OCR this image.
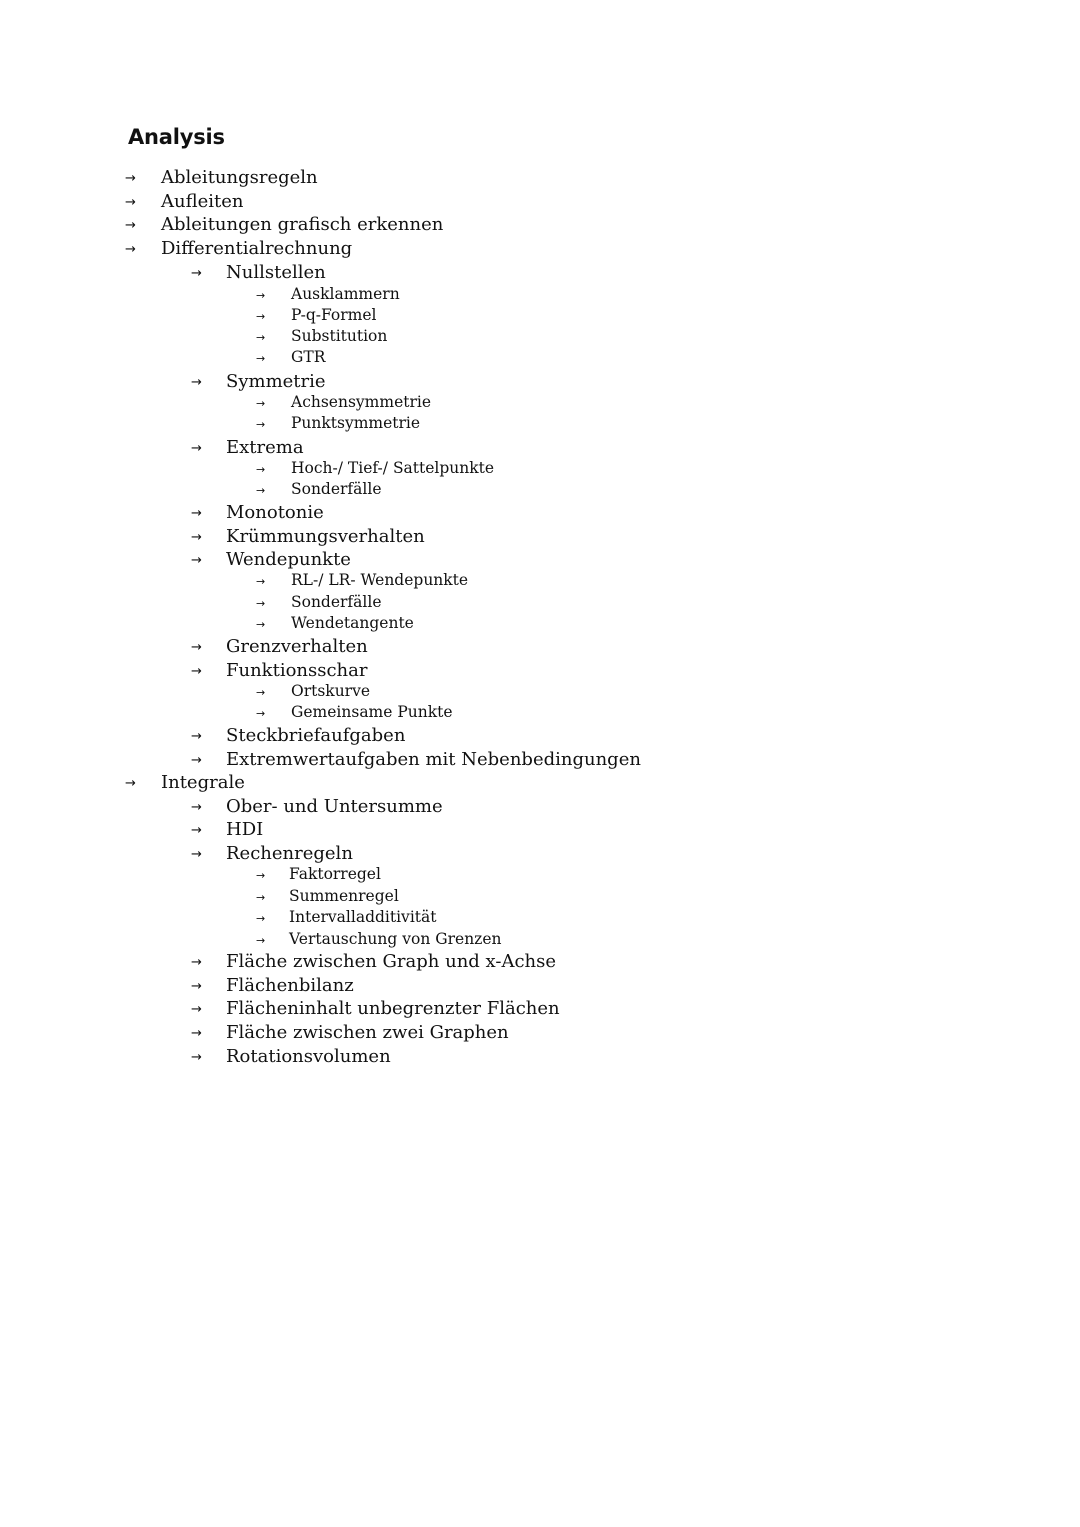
Analysis
→ Ableitungsregeln
→ Aufleiten
→ Ableitungen grafisch erkennen
→ Differentialrechnung
→ Nullstellen
→ Ausklammern
→ P-q-Formel
→ Substitution
→ GTR
→ Symmetrie
→ Achsensymmetrie
→ Punktsymmetrie
→ Extrema
→ Hoch-/ Tief-/ Sattelpunkte
→ Sonderfälle
→ Monotonie
→ Krümmungsverhalten
→ Wendepunkte
→ RL-/ LR- Wendepunkte
→ Sonderfälle
→ Wendetangente
→ Grenzverhalten
→ Funktionsschar
→ Ortskurve
→ Gemeinsame Punkte
→ Steckbriefaufgaben
→ Extremwertaufgaben mit Nebenbedingungen
→ Integrale
→ Ober- und Untersumme
→ HDI
→ Rechenregeln
→ Faktorregel
→ Summenregel
→ Intervalladditivität
→ Vertauschung von Grenzen
→ Fläche zwischen Graph und x-Achse
→ Flächenbilanz
→ Flächeninhalt unbegrenzter Flächen
→ Fläche zwischen zwei Graphen
→ Rotationsvolumen
